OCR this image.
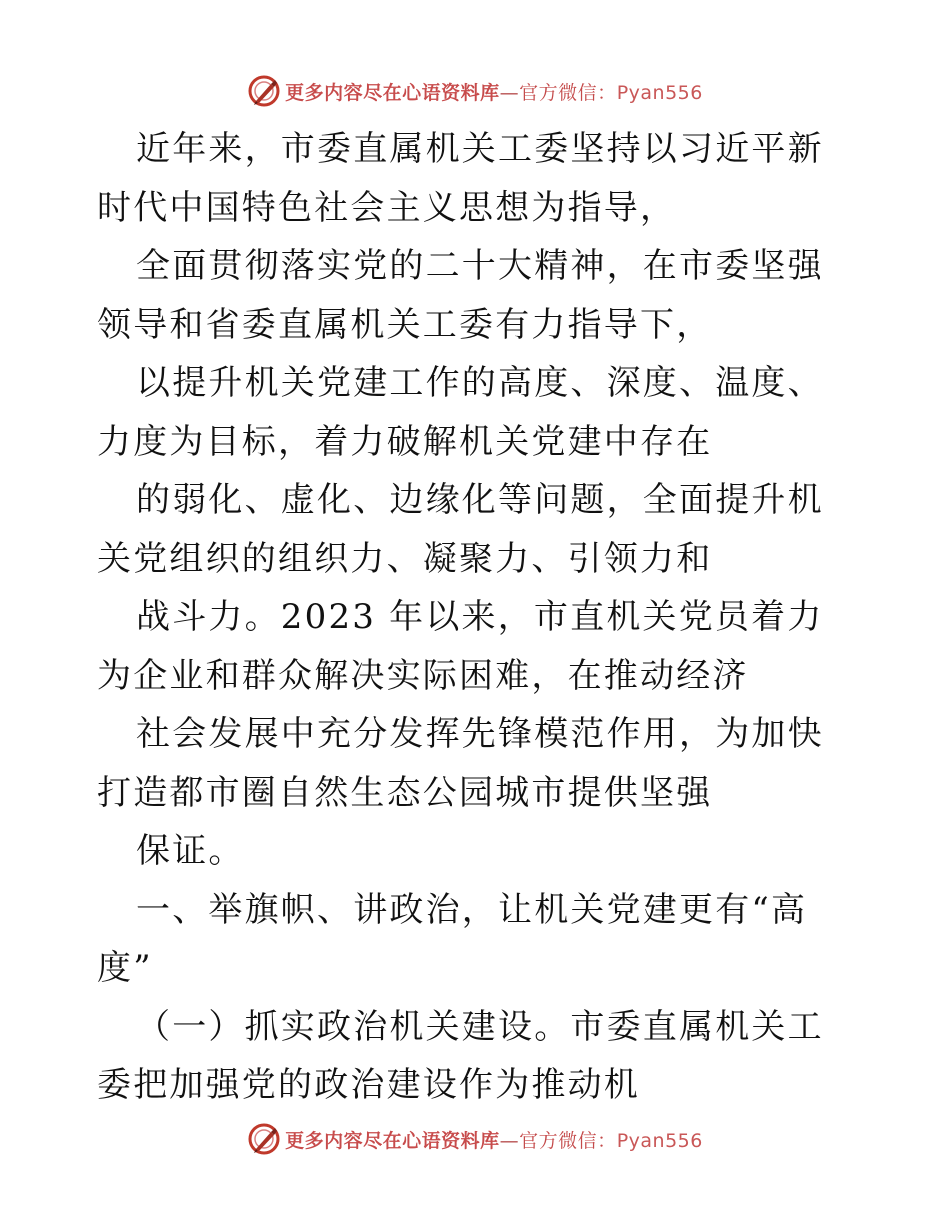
更多内容尽在心语资料库—官方微信：Pyan556

近年来，市委直属机关工委坚持以习近平新时代中国特色社会主义思想为指导，

全面贯彻落实党的二十大精神，在市委坚强领导和省委直属机关工委有力指导下，

以提升机关党建工作的高度、深度、温度、力度为目标，着力破解机关党建中存在

的弱化、虚化、边缘化等问题，全面提升机关党组织的组织力、凝聚力、引领力和

战斗力。2023 年以来，市直机关党员着力为企业和群众解决实际困难，在推动经济

社会发展中充分发挥先锋模范作用，为加快打造都市圈自然生态公园城市提供坚强

保证。

一、举旗帜、讲政治，让机关党建更有“高度”

（一）抓实政治机关建设。市委直属机关工委把加强党的政治建设作为推动机

更多内容尽在心语资料库—官方微信：Pyan556
